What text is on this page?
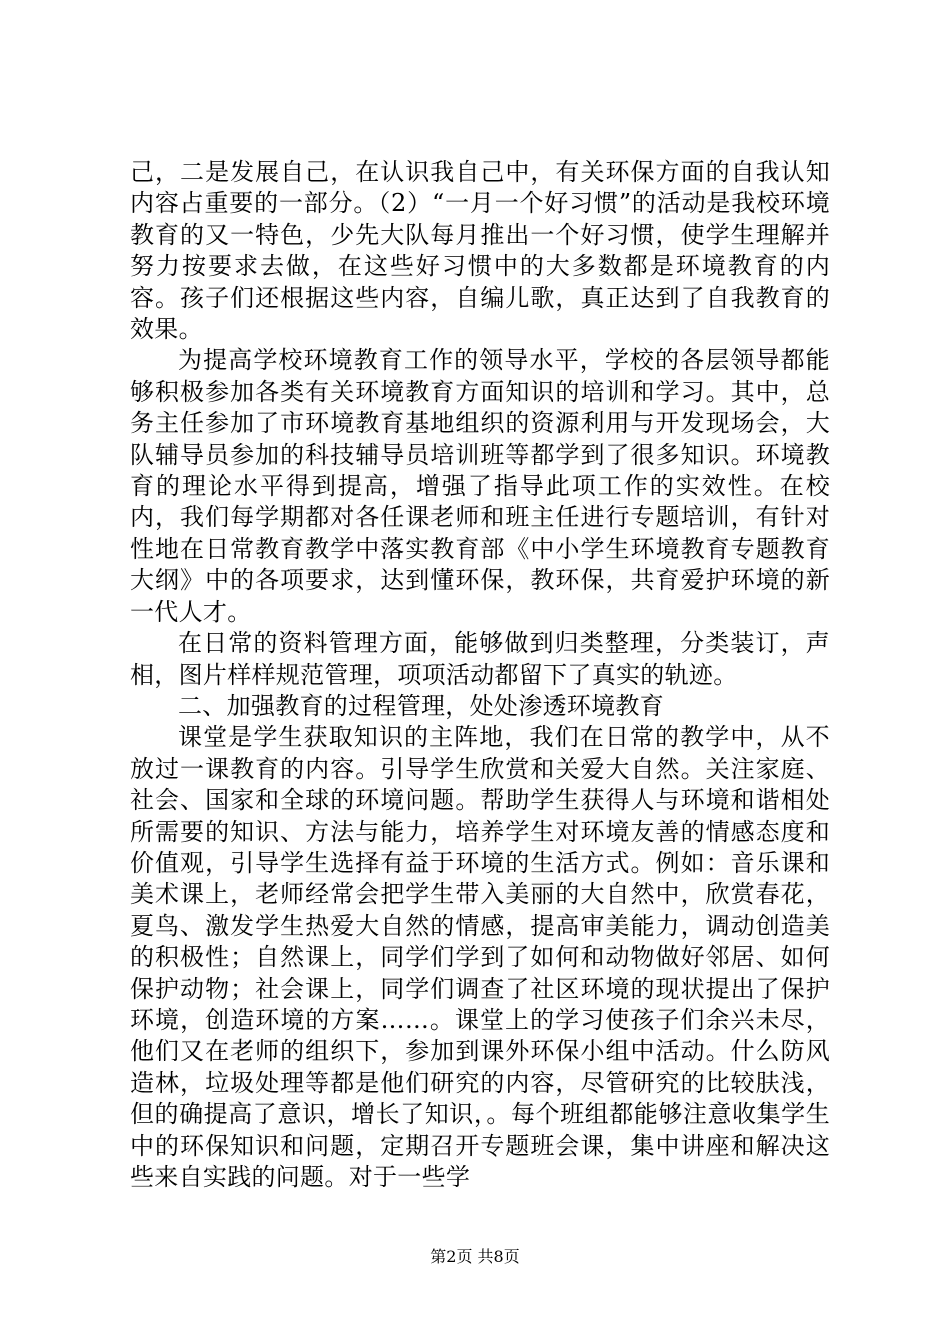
己，二是发展自己，在认识我自己中，有关环保方面的自我认知内容占重要的一部分。（2）“一月一个好习惯”的活动是我校环境教育的又一特色，少先大队每月推出一个好习惯，使学生理解并努力按要求去做，在这些好习惯中的大多数都是环境教育的内容。孩子们还根据这些内容，自编儿歌，真正达到了自我教育的效果。

为提高学校环境教育工作的领导水平，学校的各层领导都能够积极参加各类有关环境教育方面知识的培训和学习。其中，总务主任参加了市环境教育基地组织的资源利用与开发现场会，大队辅导员参加的科技辅导员培训班等都学到了很多知识。环境教育的理论水平得到提高，增强了指导此项工作的实效性。在校内，我们每学期都对各任课老师和班主任进行专题培训，有针对性地在日常教育教学中落实教育部《中小学生环境教育专题教育大纲》中的各项要求，达到懂环保，教环保，共育爱护环境的新一代人才。

在日常的资料管理方面，能够做到归类整理，分类装订，声相，图片样样规范管理，项项活动都留下了真实的轨迹。

二、加强教育的过程管理，处处渗透环境教育

课堂是学生获取知识的主阵地，我们在日常的教学中，从不放过一课教育的内容。引导学生欣赏和关爱大自然。关注家庭、社会、国家和全球的环境问题。帮助学生获得人与环境和谐相处所需要的知识、方法与能力，培养学生对环境友善的情感态度和价值观，引导学生选择有益于环境的生活方式。例如：音乐课和美术课上，老师经常会把学生带入美丽的大自然中，欣赏春花，夏鸟、激发学生热爱大自然的情感，提高审美能力，调动创造美的积极性；自然课上，同学们学到了如何和动物做好邻居、如何保护动物；社会课上，同学们调查了社区环境的现状提出了保护环境，创造环境的方案……。课堂上的学习使孩子们余兴未尽，他们又在老师的组织下，参加到课外环保小组中活动。什么防风造林，垃圾处理等都是他们研究的内容，尽管研究的比较肤浅，但的确提高了意识，增长了知识，。每个班组都能够注意收集学生中的环保知识和问题，定期召开专题班会课，集中讲座和解决这些来自实践的问题。对于一些学

第2页 共8页
